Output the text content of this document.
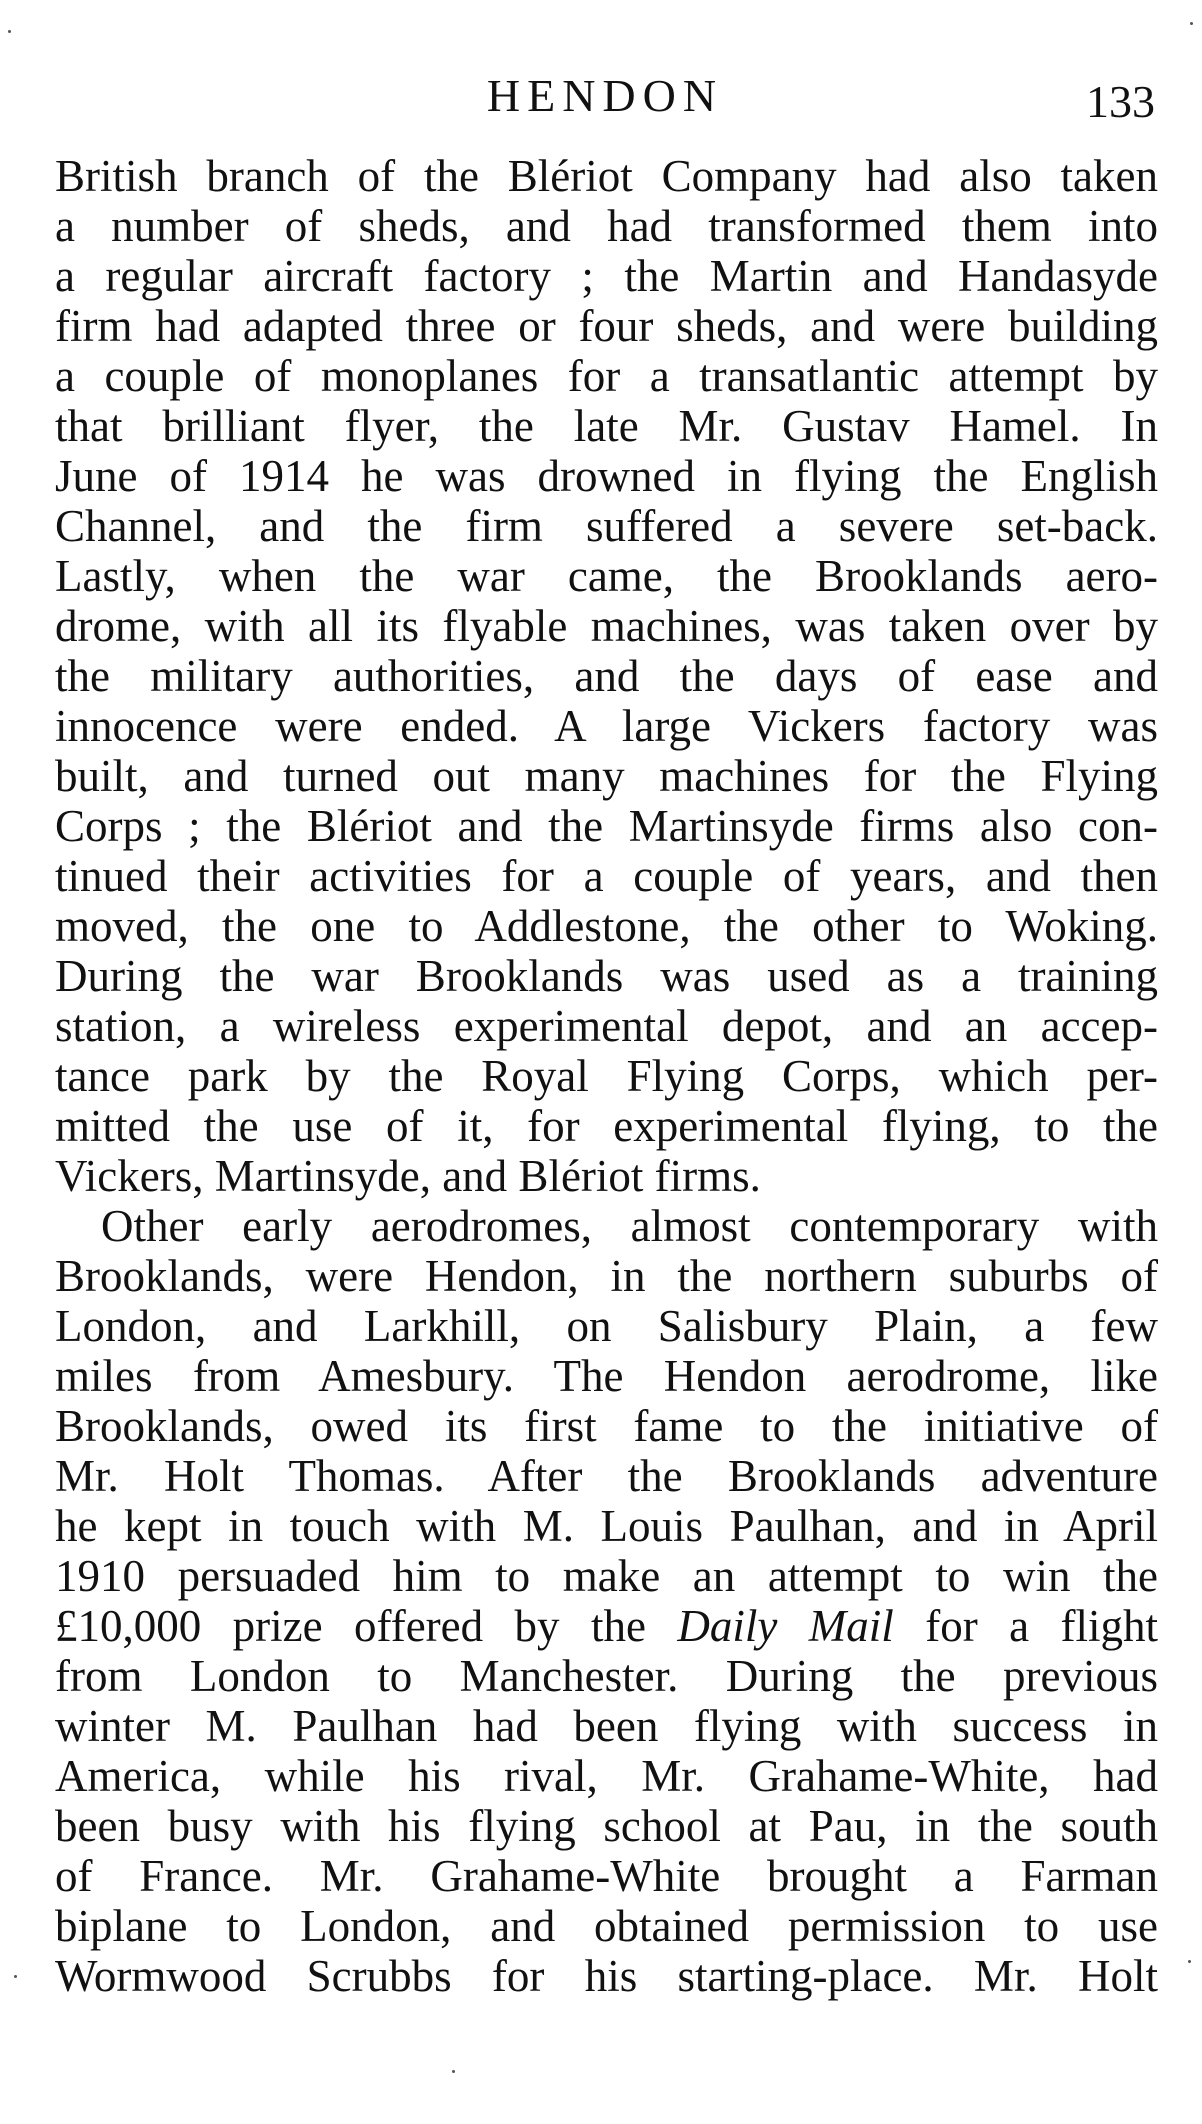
HENDON	133
British branch of the Blériot Company had also taken
a number of sheds, and had transformed them into
a regular aircraft factory ; the Martin and Handasyde
firm had adapted three or four sheds, and were building
a couple of monoplanes for a transatlantic attempt by
that brilliant flyer, the late Mr. Gustav Hamel. In
June of 1914 he was drowned in flying the English
Channel, and the firm suffered a severe set-back.
Lastly, when the war came, the Brooklands aero-
drome, with all its flyable machines, was taken over by
the military authorities, and the days of ease and
innocence were ended. A large Vickers factory was
built, and turned out many machines for the Flying
Corps ; the Blériot and the Martinsyde firms also con-
tinued their activities for a couple of years, and then
moved, the one to Addlestone, the other to Woking.
During the war Brooklands was used as a training
station, a wireless experimental depot, and an accep-
tance park by the Royal Flying Corps, which per-
mitted the use of it, for experimental flying, to the
Vickers, Martinsyde, and Blériot firms.
Other early aerodromes, almost contemporary with
Brooklands, were Hendon, in the northern suburbs of
London, and Larkhill, on Salisbury Plain, a few
miles from Amesbury. The Hendon aerodrome, like
Brooklands, owed its first fame to the initiative of
Mr. Holt Thomas. After the Brooklands adventure
he kept in touch with M. Louis Paulhan, and in April
1910 persuaded him to make an attempt to win the
£10,000 prize offered by the Daily Mail for a flight
from London to Manchester. During the previous
winter M. Paulhan had been flying with success in
America, while his rival, Mr. Grahame-White, had
been busy with his flying school at Pau, in the south
of France. Mr. Grahame-White brought a Farman
biplane to London, and obtained permission to use
Wormwood Scrubbs for his starting-place. Mr. Holt
